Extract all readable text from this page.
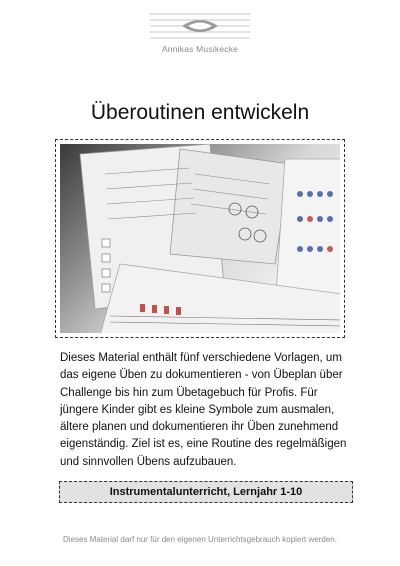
Annikas Musikecke
Überoutinen entwickeln
Dieses Material enthält fünf verschiedene Vorlagen, um das eigene Üben zu dokumentieren - von Übeplan über Challenge bis hin zum Übetagebuch für Profis. Für jüngere Kinder gibt es kleine Symbole zum ausmalen, ältere planen und dokumentieren ihr Üben zunehmend eigenständig. Ziel ist es, eine Routine des regelmäßigen und sinnvollen Übens aufzubauen.
Instrumentalunterricht, Lernjahr 1-10
Dieses Material darf nur für den eigenen Unterrichtsgebrauch kopiert werden.
